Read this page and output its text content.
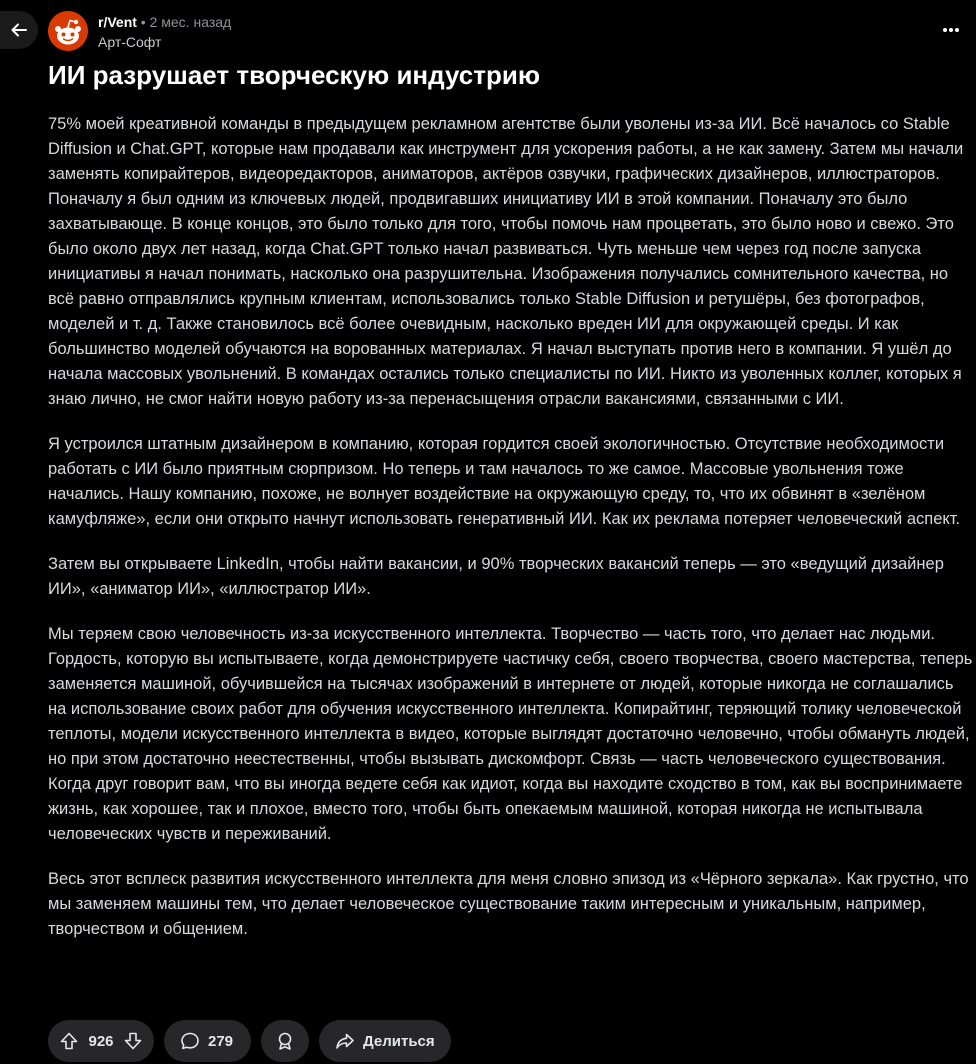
r/Vent • 2 мес. назад
Арт-Софт
ИИ разрушает творческую индустрию

75% моей креативной команды в предыдущем рекламном агентстве были уволены из-за ИИ. Всё началось со Stable Diffusion и Chat.GPT, которые нам продавали как инструмент для ускорения работы, а не как замену. Затем мы начали заменять копирайтеров, видеоредакторов, аниматоров, актёров озвучки, графических дизайнеров, иллюстраторов. Поначалу я был одним из ключевых людей, продвигавших инициативу ИИ в этой компании. Поначалу это было захватывающе. В конце концов, это было только для того, чтобы помочь нам процветать, это было ново и свежо. Это было около двух лет назад, когда Chat.GPT только начал развиваться. Чуть меньше чем через год после запуска инициативы я начал понимать, насколько она разрушительна. Изображения получались сомнительного качества, но всё равно отправлялись крупным клиентам, использовались только Stable Diffusion и ретушёры, без фотографов, моделей и т. д. Также становилось всё более очевидным, насколько вреден ИИ для окружающей среды. И как большинство моделей обучаются на ворованных материалах. Я начал выступать против него в компании. Я ушёл до начала массовых увольнений. В командах остались только специалисты по ИИ. Никто из уволенных коллег, которых я знаю лично, не смог найти новую работу из-за перенасыщения отрасли вакансиями, связанными с ИИ.

Я устроился штатным дизайнером в компанию, которая гордится своей экологичностью. Отсутствие необходимости работать с ИИ было приятным сюрпризом. Но теперь и там началось то же самое. Массовые увольнения тоже начались. Нашу компанию, похоже, не волнует воздействие на окружающую среду, то, что их обвинят в «зелёном камуфляже», если они открыто начнут использовать генеративный ИИ. Как их реклама потеряет человеческий аспект.

Затем вы открываете LinkedIn, чтобы найти вакансии, и 90% творческих вакансий теперь — это «ведущий дизайнер ИИ», «аниматор ИИ», «иллюстратор ИИ».

Мы теряем свою человечность из-за искусственного интеллекта. Творчество — часть того, что делает нас людьми. Гордость, которую вы испытываете, когда демонстрируете частичку себя, своего творчества, своего мастерства, теперь заменяется машиной, обучившейся на тысячах изображений в интернете от людей, которые никогда не соглашались на использование своих работ для обучения искусственного интеллекта. Копирайтинг, теряющий толику человеческой теплоты, модели искусственного интеллекта в видео, которые выглядят достаточно человечно, чтобы обмануть людей, но при этом достаточно неестественны, чтобы вызывать дискомфорт. Связь — часть человеческого существования. Когда друг говорит вам, что вы иногда ведете себя как идиот, когда вы находите сходство в том, как вы воспринимаете жизнь, как хорошее, так и плохое, вместо того, чтобы быть опекаемым машиной, которая никогда не испытывала человеческих чувств и переживаний.

Весь этот всплеск развития искусственного интеллекта для меня словно эпизод из «Чёрного зеркала». Как грустно, что мы заменяем машины тем, что делает человеческое существование таким интересным и уникальным, например, творчеством и общением.

926	279	Делиться
